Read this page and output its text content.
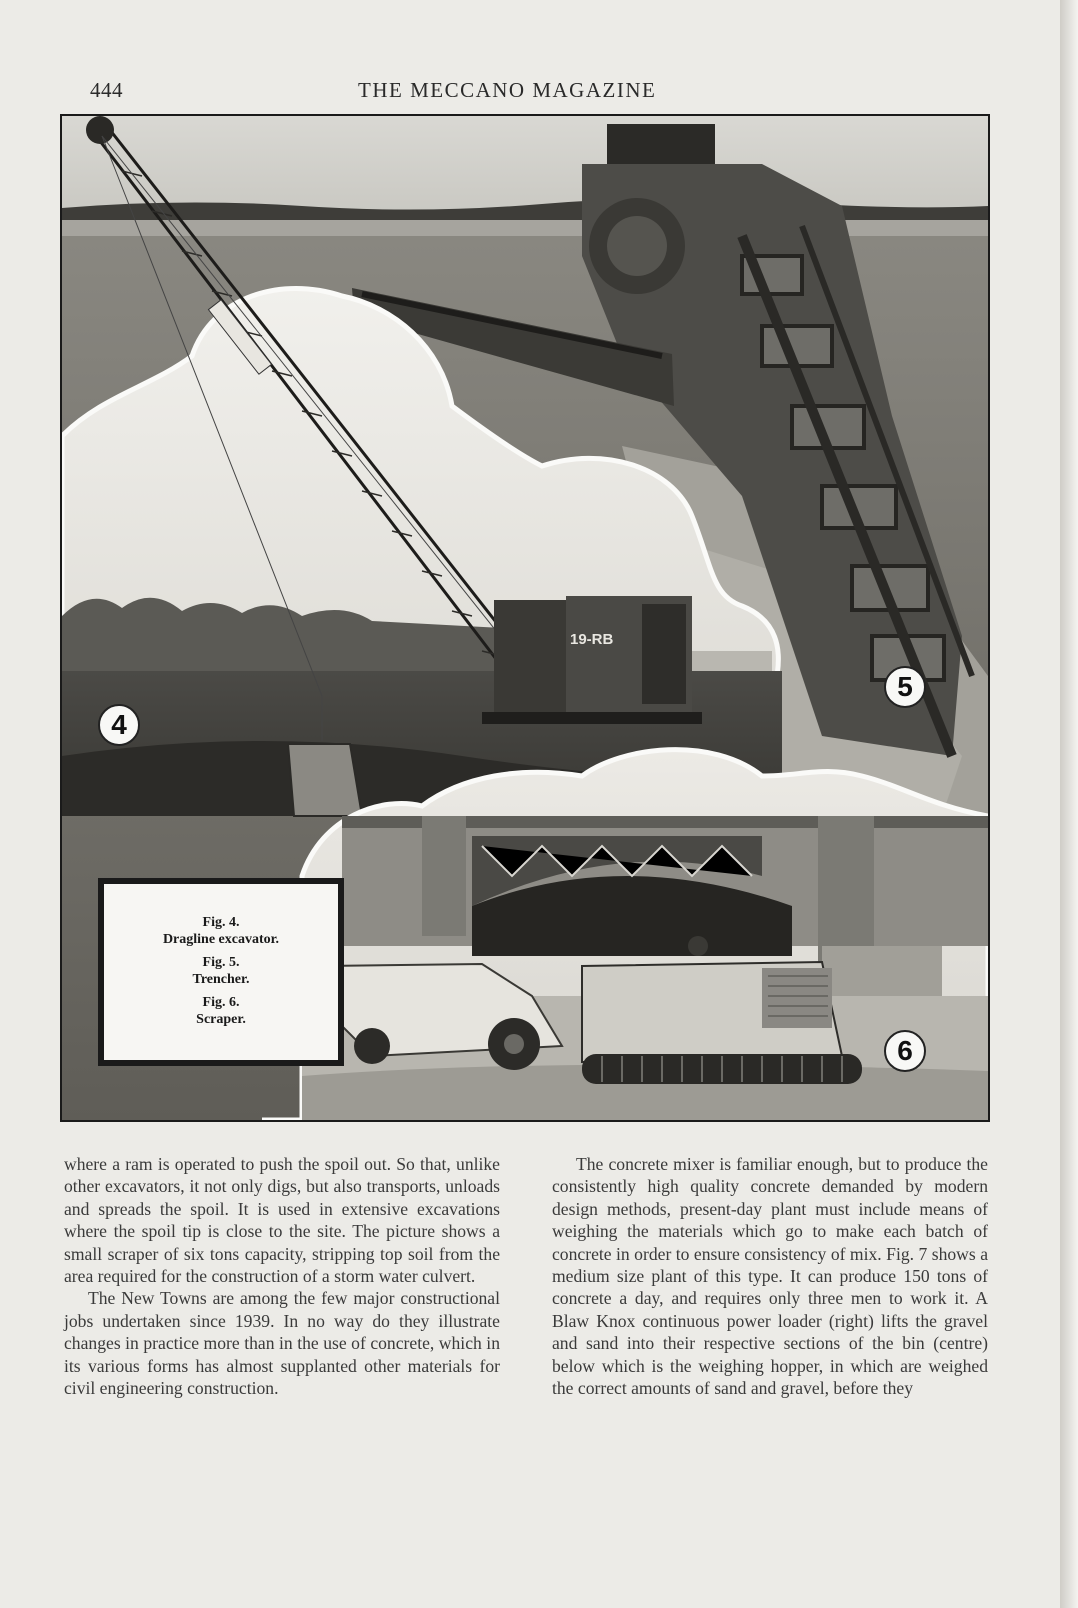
444	THE MECCANO MAGAZINE
19-RB
4
5
6
Fig. 4.
Dragline excavator.
Fig. 5.
Trencher.
Fig. 6.
Scraper.

where a ram is operated to push the spoil out. So that, unlike other excavators, it not only digs, but also transports, unloads and spreads the spoil. It is used in extensive excavations where the spoil tip is close to the site. The picture shows a small scraper of six tons capacity, stripping top soil from the area required for the construction of a storm water culvert.

The New Towns are among the few major constructional jobs undertaken since 1939. In no way do they illustrate changes in practice more than in the use of concrete, which in its various forms has almost supplanted other materials for civil engineering construction.

The concrete mixer is familiar enough, but to produce the consistently high quality concrete demanded by modern design methods, present-day plant must include means of weighing the materials which go to make each batch of concrete in order to ensure consistency of mix. Fig. 7 shows a medium size plant of this type. It can produce 150 tons of concrete a day, and requires only three men to work it. A Blaw Knox continuous power loader (right) lifts the gravel and sand into their respective sections of the bin (centre) below which is the weighing hopper, in which are weighed the correct amounts of sand and gravel, before they
